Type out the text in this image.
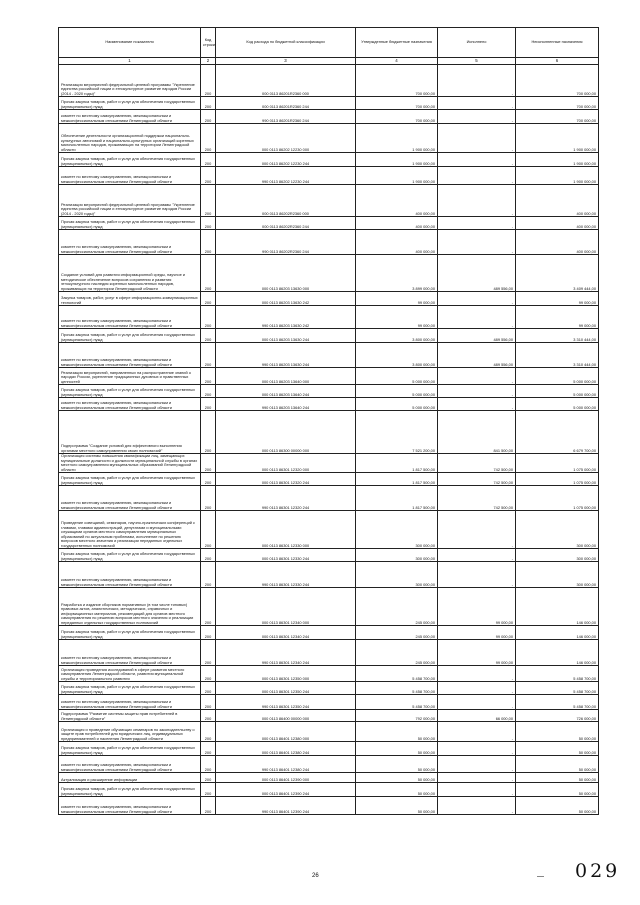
Наименование показателя	Код строки	Код расхода по бюджетной классификации	Утвержденные бюджетные назначения	Исполнено	Неисполненные назначения
1	2	3	4	5	6
Реализация мероприятий федеральной целевой программы "Укрепление единства российской нации и этнокультурное развитие народов России (2014 - 2020 годы)"	200	000 0113 86201R2360 000	700 000,00	-	700 000,00
Прочая закупка товаров, работ и услуг для обеспечения государственных (муниципальных) нужд	200	000 0113 86201R2360 244	700 000,00	-	700 000,00
комитет по местному самоуправлению, межнациональным и межконфессиональным отношениям Ленинградской области	200	990 0113 86201R2360 244	700 000,00	-	700 000,00
Обеспечение деятельности организационной поддержки национально-культурных автономий и национально-культурных организаций коренных малочисленных народов, проживающих на территории Ленинградской области	200	000 0113 86202 12230 000	1 900 000,00	-	1 900 000,00
Прочая закупка товаров, работ и услуг для обеспечения государственных (муниципальных) нужд	200	000 0113 86202 12230 244	1 900 000,00	-	1 900 000,00
комитет по местному самоуправлению, межнациональным и межконфессиональным отношениям Ленинградской области	200	990 0113 86202 12230 244	1 900 000,00	-	1 900 000,00
Реализация мероприятий федеральной целевой программы "Укрепление единства российской нации и этнокультурное развитие народов России (2014 - 2020 годы)"	200	000 0113 86202R2360 000	400 000,00	-	400 000,00
Прочая закупка товаров, работ и услуг для обеспечения государственных (муниципальных) нужд	200	000 0113 86202R2360 244	400 000,00	-	400 000,00
комитет по местному самоуправлению, межнациональным и межконфессиональным отношениям Ленинградской области	200	990 0113 86202R2360 244	400 000,00	-	400 000,00
Создание условий для развития информационной среды, научное и методическое обеспечение вопросов сохранения и развития этнокультурного наследия коренных малочисленных народов, проживающих на территории Ленинградской области	200	000 0113 86203 13630 000	3 899 000,00	489 556,00	3 409 444,00
Закупка товаров, работ, услуг в сфере информационно-коммуникационных технологий	200	000 0113 86203 13630 242	99 000,00	-	99 000,00
комитет по местному самоуправлению, межнациональным и межконфессиональным отношениям Ленинградской области	200	990 0113 86203 13630 242	99 000,00	-	99 000,00
Прочая закупка товаров, работ и услуг для обеспечения государственных (муниципальных) нужд	200	000 0113 86203 13630 244	3 800 000,00	489 556,00	3 310 444,00
комитет по местному самоуправлению, межнациональным и межконфессиональным отношениям Ленинградской области	200	990 0113 86203 13630 244	3 800 000,00	489 556,00	3 310 444,00
Реализация мероприятий, направленных на распространение знаний о народах России, укрепление традиционных духовных и нравственных ценностей	200	000 0113 86203 13640 000	5 000 000,00	-	5 000 000,00
Прочая закупка товаров, работ и услуг для обеспечения государственных (муниципальных) нужд	200	000 0113 86203 13640 244	5 000 000,00	-	5 000 000,00
комитет по местному самоуправлению, межнациональным и межконфессиональным отношениям Ленинградской области	200	990 0113 86203 13640 244	5 000 000,00	-	5 000 000,00
Подпрограмма "Создание условий для эффективного выполнения органами местного самоуправления своих полномочий"	200	000 0113 86300 00000 000	7 521 200,00	841 500,00	6 679 700,00
Организация системы повышения квалификации лиц, замещающих муниципальные должности и должности муниципальной службы в органах местного самоуправления муниципальных образований Ленинградской области	200	000 0113 86301 12320 000	1 817 500,00	742 500,00	1 075 000,00
Прочая закупка товаров, работ и услуг для обеспечения государственных (муниципальных) нужд	200	000 0113 86301 12320 244	1 817 500,00	742 500,00	1 075 000,00
комитет по местному самоуправлению, межнациональным и межконфессиональным отношениям Ленинградской области	200	990 0113 86301 12320 244	1 817 500,00	742 500,00	1 075 000,00
Проведение совещаний, семинаров, научно-практических конференций с главами, главами администраций, депутатами и муниципальными служащими органов местного самоуправления муниципальных образований по актуальным проблемам, исполнение по решению вопросов местного значения и реализации переданных отдельных государственных полномочий	200	000 0113 86301 12330 000	300 000,00	-	300 000,00
Прочая закупка товаров, работ и услуг для обеспечения государственных (муниципальных) нужд	200	000 0113 86301 12330 244	300 000,00	-	300 000,00
комитет по местному самоуправлению, межнациональным и межконфессиональным отношениям Ленинградской области	200	990 0113 86301 12330 244	300 000,00	-	300 000,00
Разработка и издание сборников нормативных (в том числе типовых) правовых актов, аналитических, методических, справочных и информационных материалов, рекомендаций для органов местного самоуправления по решению вопросов местного значения и реализации переданных отдельных государственных полномочий	200	000 0113 86301 12340 000	245 000,00	99 000,00	146 000,00
Прочая закупка товаров, работ и услуг для обеспечения государственных (муниципальных) нужд	200	000 0113 86301 12340 244	245 000,00	99 000,00	146 000,00
комитет по местному самоуправлению, межнациональным и межконфессиональным отношениям Ленинградской области	200	990 0113 86301 12340 244	245 000,00	99 000,00	146 000,00
Организация проведения исследований в сфере развития местного самоуправления Ленинградской области, развития муниципальной службы и территориального развития	200	000 0113 86301 12350 000	5 458 700,00	-	5 458 700,00
Прочая закупка товаров, работ и услуг для обеспечения государственных (муниципальных) нужд	200	000 0113 86301 12350 244	5 458 700,00	-	5 458 700,00
комитет по местному самоуправлению, межнациональным и межконфессиональным отношениям Ленинградской области	200	990 0113 86301 12350 244	5 458 700,00	-	5 458 700,00
Подпрограмма "Развитие системы защиты прав потребителей в Ленинградской области"	200	000 0113 86400 00000 000	792 000,00	66 000,00	726 000,00
Организация и проведение обучающих семинаров по законодательству о защите прав потребителей для юридических лиц, индивидуальных предпринимателей и населения Ленинградской области	200	000 0113 86401 12380 000	50 000,00	-	50 000,00
Прочая закупка товаров, работ и услуг для обеспечения государственных (муниципальных) нужд	200	000 0113 86401 12380 244	50 000,00	-	50 000,00
комитет по местному самоуправлению, межнациональным и межконфессиональным отношениям Ленинградской области	200	990 0113 86401 12380 244	50 000,00	-	50 000,00
Актуализация и расширение информации	200	000 0113 86401 12390 000	50 000,00	-	50 000,00
Прочая закупка товаров, работ и услуг для обеспечения государственных (муниципальных) нужд	200	000 0113 86401 12390 244	50 000,00	-	50 000,00
комитет по местному самоуправлению, межнациональным и межконфессиональным отношениям Ленинградской области	200	990 0113 86401 12390 244	50 000,00	-	50 000,00
26	— 029
